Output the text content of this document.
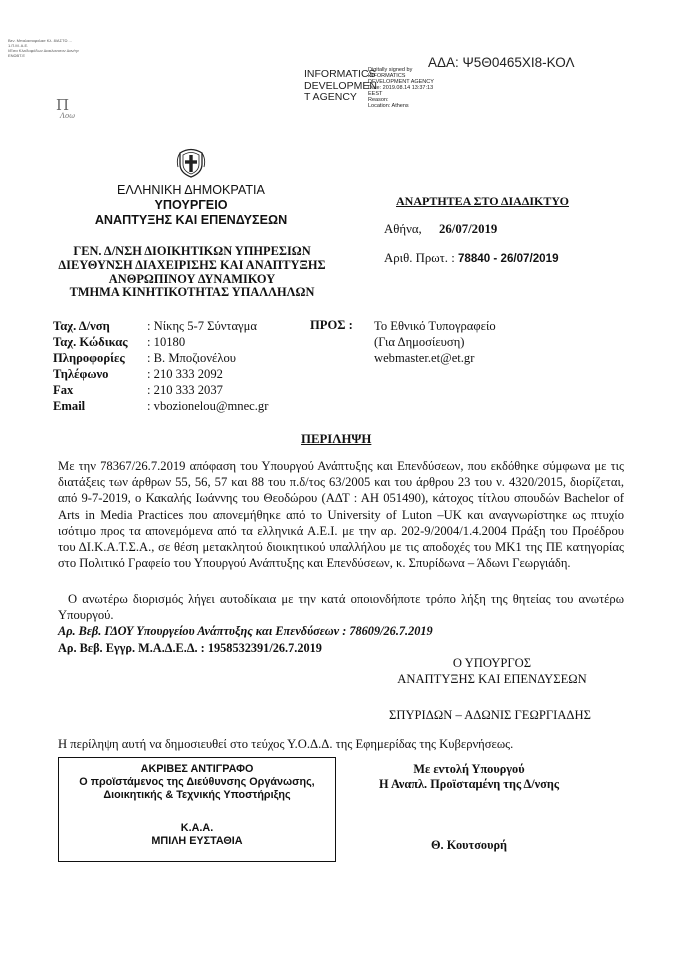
Βεν. Μπαλασοφαλασ Κλ. 8/ΑΣΤΩ ...
1.Π.Μ. Α.Ε.
Ι/Εσα Κλειδοφόδων Διακλανοτον Δαν/ην
ΕΝΩΒΤ.Ε
Π
Λοω
ΑΔΑ: Ψ5Θ0465ΧΙ8-ΚΟΛ
INFORMATICS
DEVELOPMEN
T AGENCY
Digitally signed by
INFORMATICS
DEVELOPMENT AGENCY
Date: 2019.08.14 13:37:13
EEST
Reason:
Location: Athens
ΕΛΛΗΝΙΚΗ ΔΗΜΟΚΡΑΤΙΑ
ΥΠΟΥΡΓΕΙΟ
ΑΝΑΠΤΥΞΗΣ ΚΑΙ ΕΠΕΝΔΥΣΕΩΝ
ΓΕΝ. Δ/ΝΣΗ ΔΙΟΙΚΗΤΙΚΩΝ ΥΠΗΡΕΣΙΩΝ
ΔΙΕΥΘΥΝΣΗ ΔΙΑΧΕΙΡΙΣΗΣ ΚΑΙ ΑΝΑΠΤΥΞΗΣ
ΑΝΘΡΩΠΙΝΟΥ ΔΥΝΑΜΙΚΟΥ
ΤΜΗΜΑ ΚΙΝΗΤΙΚΟΤΗΤΑΣ ΥΠΑΛΛΗΛΩΝ
ΑΝΑΡΤΗΤΕΑ ΣΤΟ ΔΙΑΔΙΚΤΥΟ
Αθήνα, 26/07/2019
Αριθ. Πρωτ. : 78840 - 26/07/2019
Ταχ. Δ/νση	: Νίκης 5-7 Σύνταγμα
Ταχ. Κώδικας : 10180
Πληροφορίες : Β. Μποζιονέλου
Τηλέφωνο	: 210 333 2092
Fax	: 210 333 2037
Email	: vbozionelou@mnec.gr
ΠΡΟΣ : Το Εθνικό Τυπογραφείο
(Για Δημοσίευση)
webmaster.et@et.gr
ΠΕΡΙΛΗΨΗ
Με την 78367/26.7.2019 απόφαση του Υπουργού Ανάπτυξης και Επενδύσεων, που εκδόθηκε σύμφωνα με τις διατάξεις των άρθρων 55, 56, 57 και 88 του π.δ/τος 63/2005 και του άρθρου 23 του ν. 4320/2015, διορίζεται, από 9-7-2019, ο Κακαλής Ιωάννης του Θεοδώρου (ΑΔΤ : ΑΗ 051490), κάτοχος τίτλου σπουδών Bachelor of Arts in Media Practices που απονεμήθηκε από το University of Luton –UK και αναγνωρίστηκε ως πτυχίο ισότιμο προς τα απονεμόμενα από τα ελληνικά Α.Ε.Ι. με την αρ. 202-9/2004/1.4.2004 Πράξη του Προέδρου του ΔΙ.Κ.Α.Τ.Σ.Α., σε θέση μετακλητού διοικητικού υπαλλήλου με τις αποδοχές του ΜΚ1 της ΠΕ κατηγορίας στο Πολιτικό Γραφείο του Υπουργού Ανάπτυξης και Επενδύσεων, κ. Σπυρίδωνα – Άδωνι Γεωργιάδη.
Ο ανωτέρω διορισμός λήγει αυτοδίκαια με την κατά οποιονδήποτε τρόπο λήξη της θητείας του ανωτέρω Υπουργού.
Αρ. Βεβ. ΓΔΟΥ Υπουργείου Ανάπτυξης και Επενδύσεων : 78609/26.7.2019
Αρ. Βεβ. Εγγρ. Μ.Α.Δ.Ε.Δ. : 1958532391/26.7.2019
Ο ΥΠΟΥΡΓΟΣ
ΑΝΑΠΤΥΞΗΣ ΚΑΙ ΕΠΕΝΔΥΣΕΩΝ
ΣΠΥΡΙΔΩΝ – ΑΔΩΝΙΣ ΓΕΩΡΓΙΑΔΗΣ
Η περίληψη αυτή να δημοσιευθεί στο τεύχος Υ.Ο.Δ.Δ. της Εφημερίδας της Κυβερνήσεως.
ΑΚΡΙΒΕΣ ΑΝΤΙΓΡΑΦΟ
Ο προϊστάμενος της Διεύθυνσης Οργάνωσης,
Διοικητικής & Τεχνικής Υποστήριξης
Κ.Α.Α.
ΜΠΙΛΗ ΕΥΣΤΑΘΙΑ
Με εντολή Υπουργού
Η Αναπλ. Προϊσταμένη της Δ/νσης
Θ. Κουτσουρή
